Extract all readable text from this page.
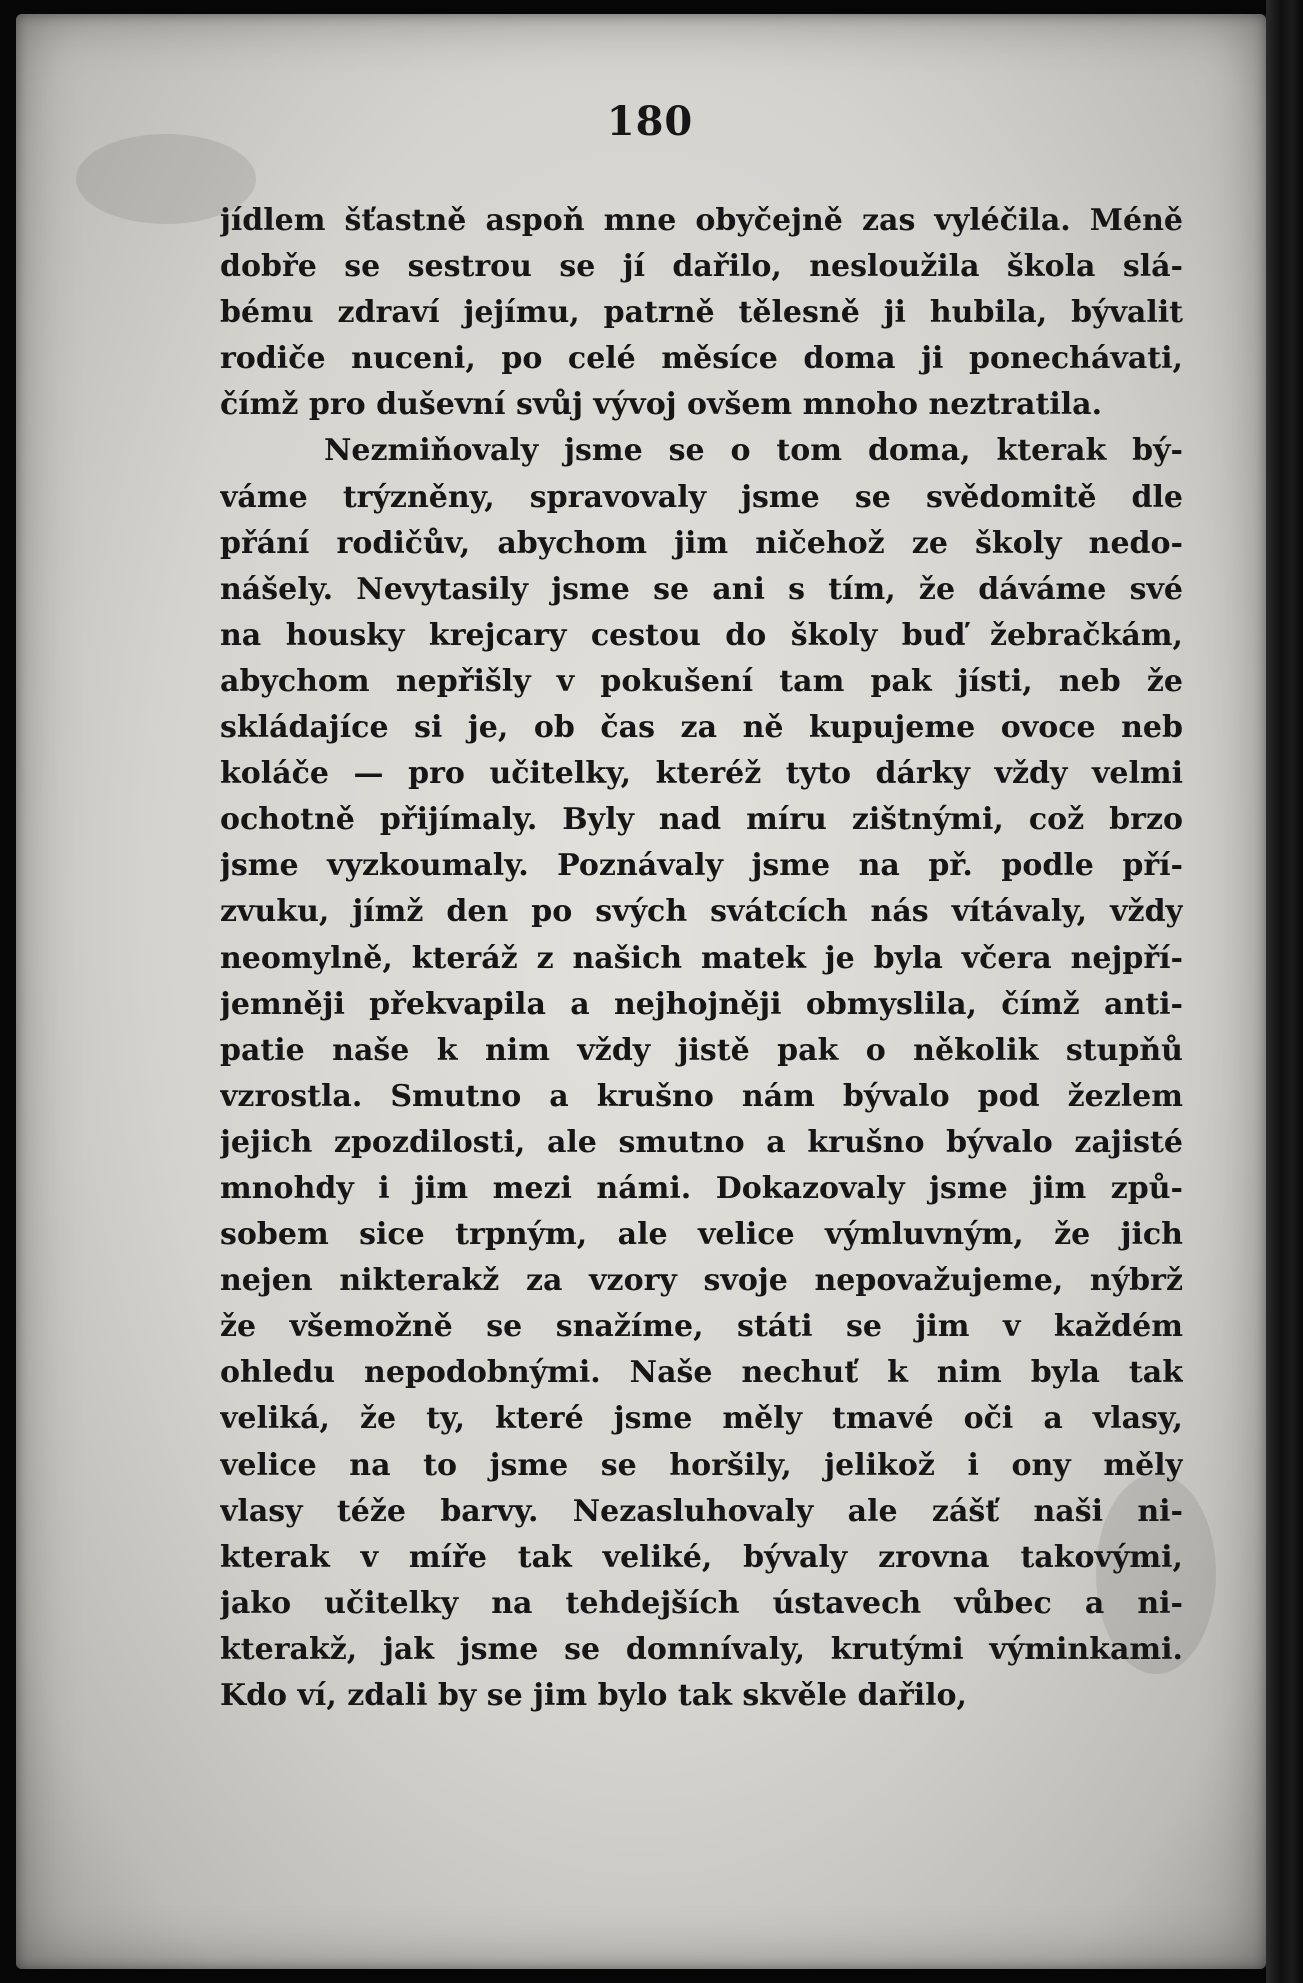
180
jídlem šťastně aspoň mne obyčejně zas vyléčila. Méně
dobře se sestrou se jí dařilo, nesloužila škola slá-
bému zdraví jejímu, patrně tělesně ji hubila, bývalit
rodiče nuceni, po celé měsíce doma ji ponechávati,
čímž pro duševní svůj vývoj ovšem mnoho neztratila.
Nezmiňovaly jsme se o tom doma, kterak bý-
váme trýzněny, spravovaly jsme se svědomitě dle
přání rodičův, abychom jim ničehož ze školy nedo-
nášely. Nevytasily jsme se ani s tím, že dáváme své
na housky krejcary cestou do školy buď žebračkám,
abychom nepřišly v pokušení tam pak jísti, neb že
skládajíce si je, ob čas za ně kupujeme ovoce neb
koláče — pro učitelky, kteréž tyto dárky vždy velmi
ochotně přijímaly. Byly nad míru zištnými, což brzo
jsme vyzkoumaly. Poznávaly jsme na př. podle pří-
zvuku, jímž den po svých svátcích nás vítávaly, vždy
neomylně, kteráž z našich matek je byla včera nejpří-
jemněji překvapila a nejhojněji obmyslila, čímž anti-
patie naše k nim vždy jistě pak o několik stupňů
vzrostla. Smutno a krušno nám bývalo pod žezlem
jejich zpozdilosti, ale smutno a krušno bývalo zajisté
mnohdy i jim mezi námi. Dokazovaly jsme jim způ-
sobem sice trpným, ale velice výmluvným, že jich
nejen nikterakž za vzory svoje nepovažujeme, nýbrž
že všemožně se snažíme, státi se jim v každém
ohledu nepodobnými. Naše nechuť k nim byla tak
veliká, že ty, které jsme měly tmavé oči a vlasy,
velice na to jsme se horšily, jelikož i ony měly
vlasy téže barvy. Nezasluhovaly ale zášť naši ni-
kterak v míře tak veliké, bývaly zrovna takovými,
jako učitelky na tehdejších ústavech vůbec a ni-
kterakž, jak jsme se domnívaly, krutými výminkami.
Kdo ví, zdali by se jim bylo tak skvěle dařilo,
